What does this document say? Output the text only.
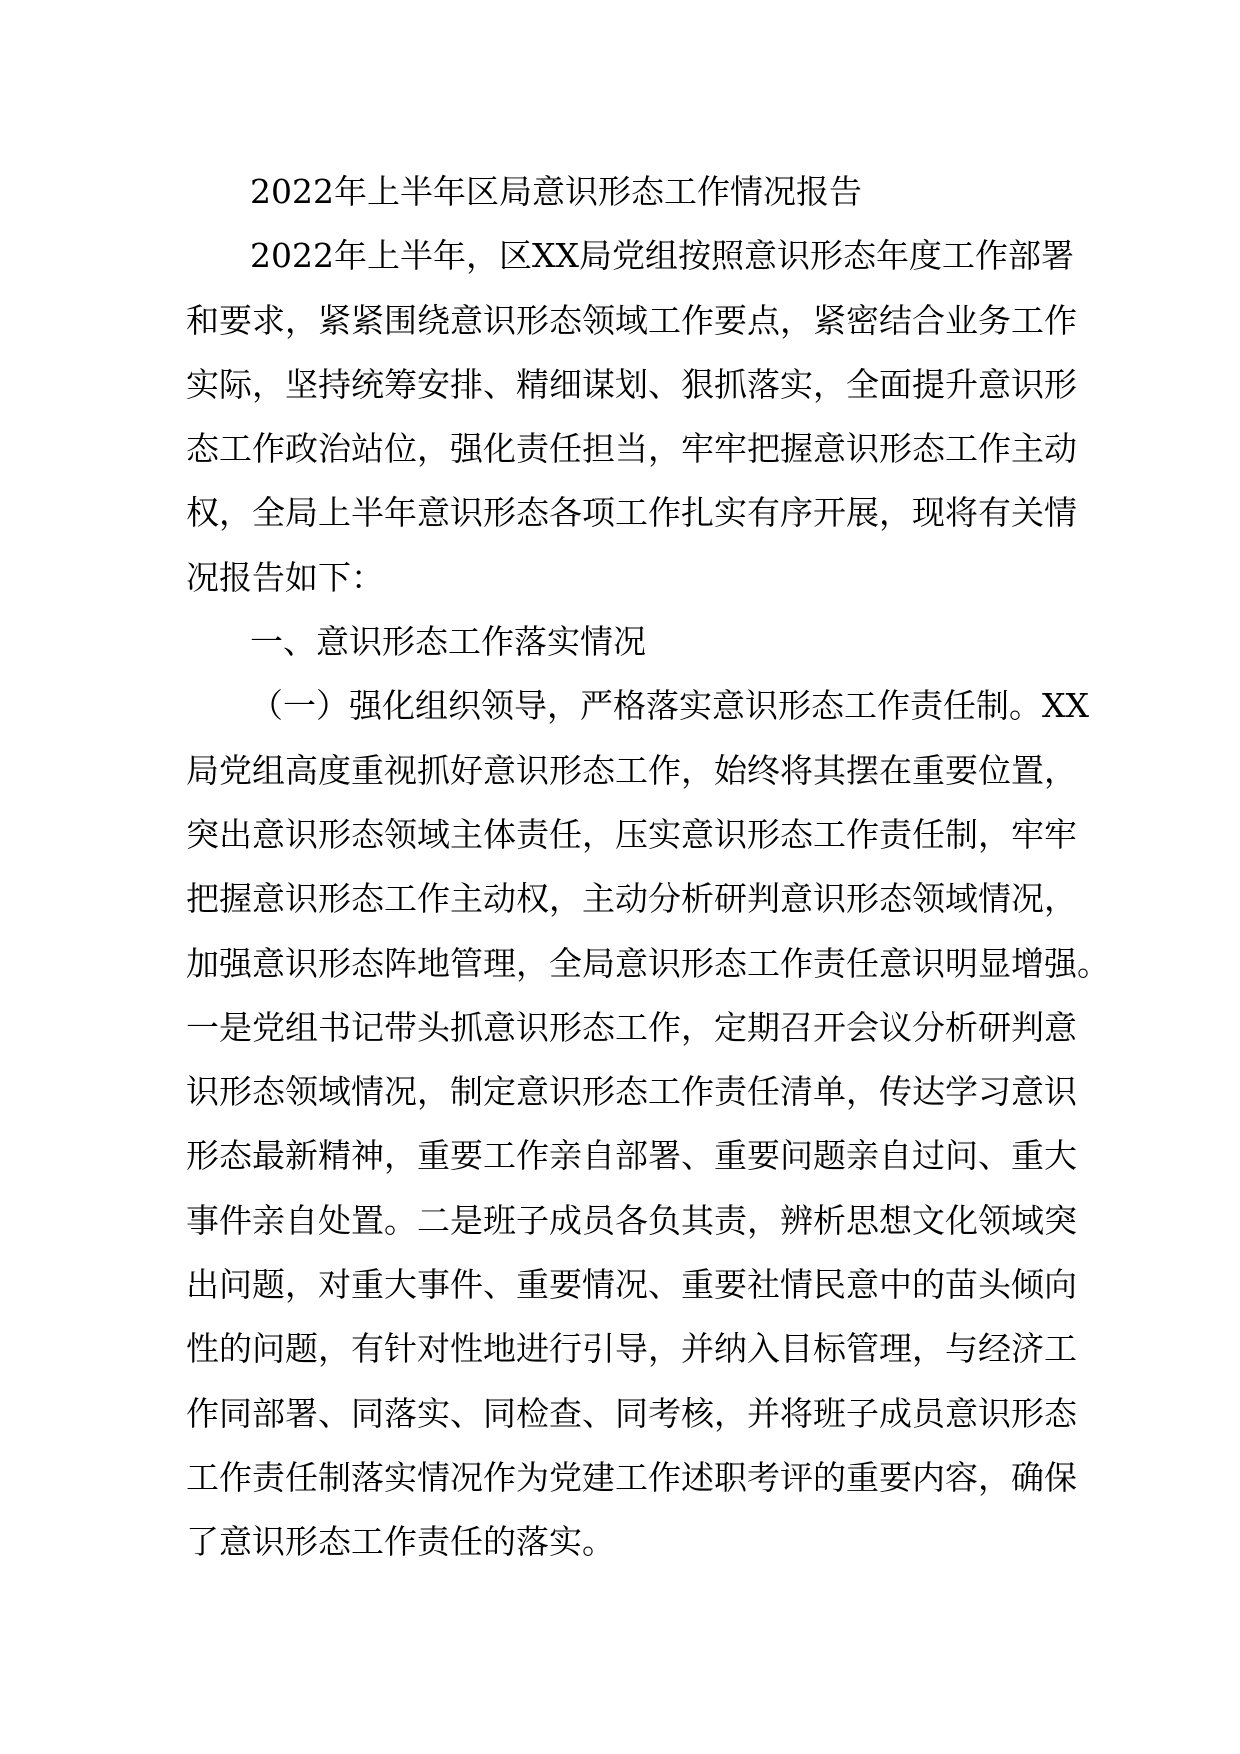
2022年上半年区局意识形态工作情况报告
2022年上半年，区XX局党组按照意识形态年度工作部署
和要求，紧紧围绕意识形态领域工作要点，紧密结合业务工作
实际，坚持统筹安排、精细谋划、狠抓落实，全面提升意识形
态工作政治站位，强化责任担当，牢牢把握意识形态工作主动
权，全局上半年意识形态各项工作扎实有序开展，现将有关情
况报告如下：
一、意识形态工作落实情况
（一）强化组织领导，严格落实意识形态工作责任制。XX
局党组高度重视抓好意识形态工作，始终将其摆在重要位置，
突出意识形态领域主体责任，压实意识形态工作责任制，牢牢
把握意识形态工作主动权，主动分析研判意识形态领域情况，
加强意识形态阵地管理，全局意识形态工作责任意识明显增强。
一是党组书记带头抓意识形态工作，定期召开会议分析研判意
识形态领域情况，制定意识形态工作责任清单，传达学习意识
形态最新精神，重要工作亲自部署、重要问题亲自过问、重大
事件亲自处置。二是班子成员各负其责，辨析思想文化领域突
出问题，对重大事件、重要情况、重要社情民意中的苗头倾向
性的问题，有针对性地进行引导，并纳入目标管理，与经济工
作同部署、同落实、同检查、同考核，并将班子成员意识形态
工作责任制落实情况作为党建工作述职考评的重要内容，确保
了意识形态工作责任的落实。
